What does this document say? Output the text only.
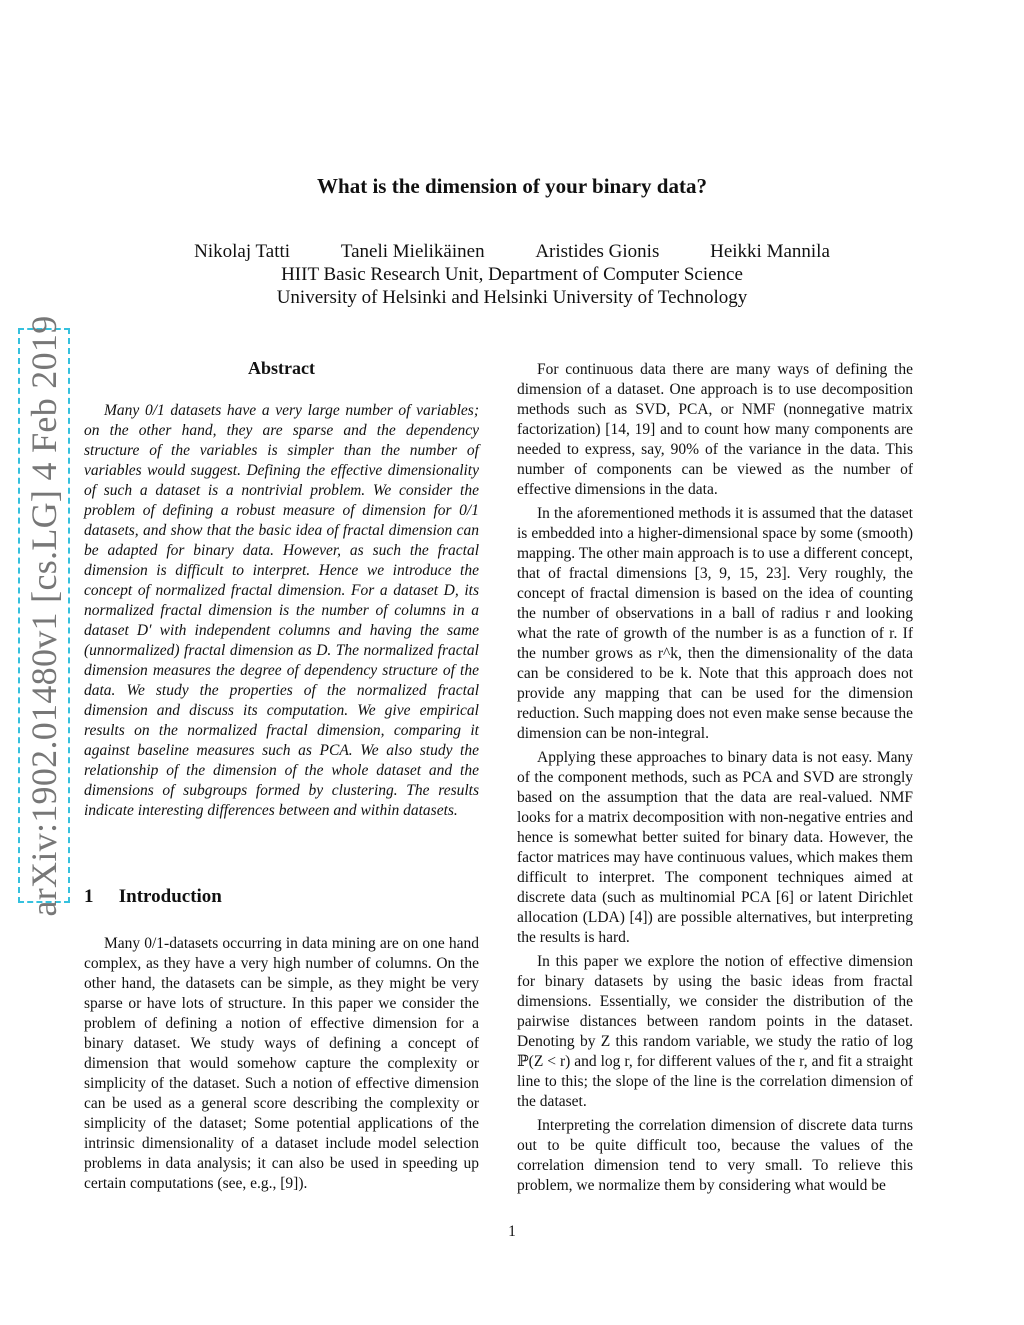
What is the dimension of your binary data?
Nikolaj Tatti	Taneli Mielikäinen	Aristides Gionis	Heikki Mannila
HIIT Basic Research Unit, Department of Computer Science
University of Helsinki and Helsinki University of Technology
arXiv:1902.01480v1 [cs.LG] 4 Feb 2019	Abstract

Many 0/1 datasets have a very large number of variables; on the other hand, they are sparse and the dependency structure of the variables is simpler than the number of variables would suggest. Defining the effective dimensionality of such a dataset is a nontrivial problem. We consider the problem of defining a robust measure of dimension for 0/1 datasets, and show that the basic idea of fractal dimension can be adapted for binary data. However, as such the fractal dimension is difficult to interpret. Hence we introduce the concept of normalized fractal dimension. For a dataset D, its normalized fractal dimension is the number of columns in a dataset D′ with independent columns and having the same (unnormalized) fractal dimension as D. The normalized fractal dimension measures the degree of dependency structure of the data. We study the properties of the normalized fractal dimension and discuss its computation. We give empirical results on the normalized fractal dimension, comparing it against baseline measures such as PCA. We also study the relationship of the dimension of the whole dataset and the dimensions of subgroups formed by clustering. The results indicate interesting differences between and within datasets.

1 Introduction

Many 0/1-datasets occurring in data mining are on one hand complex, as they have a very high number of columns. On the other hand, the datasets can be simple, as they might be very sparse or have lots of structure. In this paper we consider the problem of defining a notion of effective dimension for a binary dataset. We study ways of defining a concept of dimension that would somehow capture the complexity or simplicity of the dataset. Such a notion of effective dimension can be used as a general score describing the complexity or simplicity of the dataset; Some potential applications of the intrinsic dimensionality of a dataset include model selection problems in data analysis; it can also be used in speeding up certain computations (see, e.g., [9]).

For continuous data there are many ways of defining the dimension of a dataset. One approach is to use decomposition methods such as SVD, PCA, or NMF (nonnegative matrix factorization) [14, 19] and to count how many components are needed to express, say, 90% of the variance in the data. This number of components can be viewed as the number of effective dimensions in the data.

In the aforementioned methods it is assumed that the dataset is embedded into a higher-dimensional space by some (smooth) mapping. The other main approach is to use a different concept, that of fractal dimensions [3, 9, 15, 23]. Very roughly, the concept of fractal dimension is based on the idea of counting the number of observations in a ball of radius r and looking what the rate of growth of the number is as a function of r. If the number grows as r^k, then the dimensionality of the data can be considered to be k. Note that this approach does not provide any mapping that can be used for the dimension reduction. Such mapping does not even make sense because the dimension can be non-integral.

Applying these approaches to binary data is not easy. Many of the component methods, such as PCA and SVD are strongly based on the assumption that the data are real-valued. NMF looks for a matrix decomposition with non-negative entries and hence is somewhat better suited for binary data. However, the factor matrices may have continuous values, which makes them difficult to interpret. The component techniques aimed at discrete data (such as multinomial PCA [6] or latent Dirichlet allocation (LDA) [4]) are possible alternatives, but interpreting the results is hard.

In this paper we explore the notion of effective dimension for binary datasets by using the basic ideas from fractal dimensions. Essentially, we consider the distribution of the pairwise distances between random points in the dataset. Denoting by Z this random variable, we study the ratio of log ℙ(Z < r) and log r, for different values of the r, and fit a straight line to this; the slope of the line is the correlation dimension of the dataset.

Interpreting the correlation dimension of discrete data turns out to be quite difficult too, because the values of the correlation dimension tend to very small. To relieve this problem, we normalize them by considering what would be

1
